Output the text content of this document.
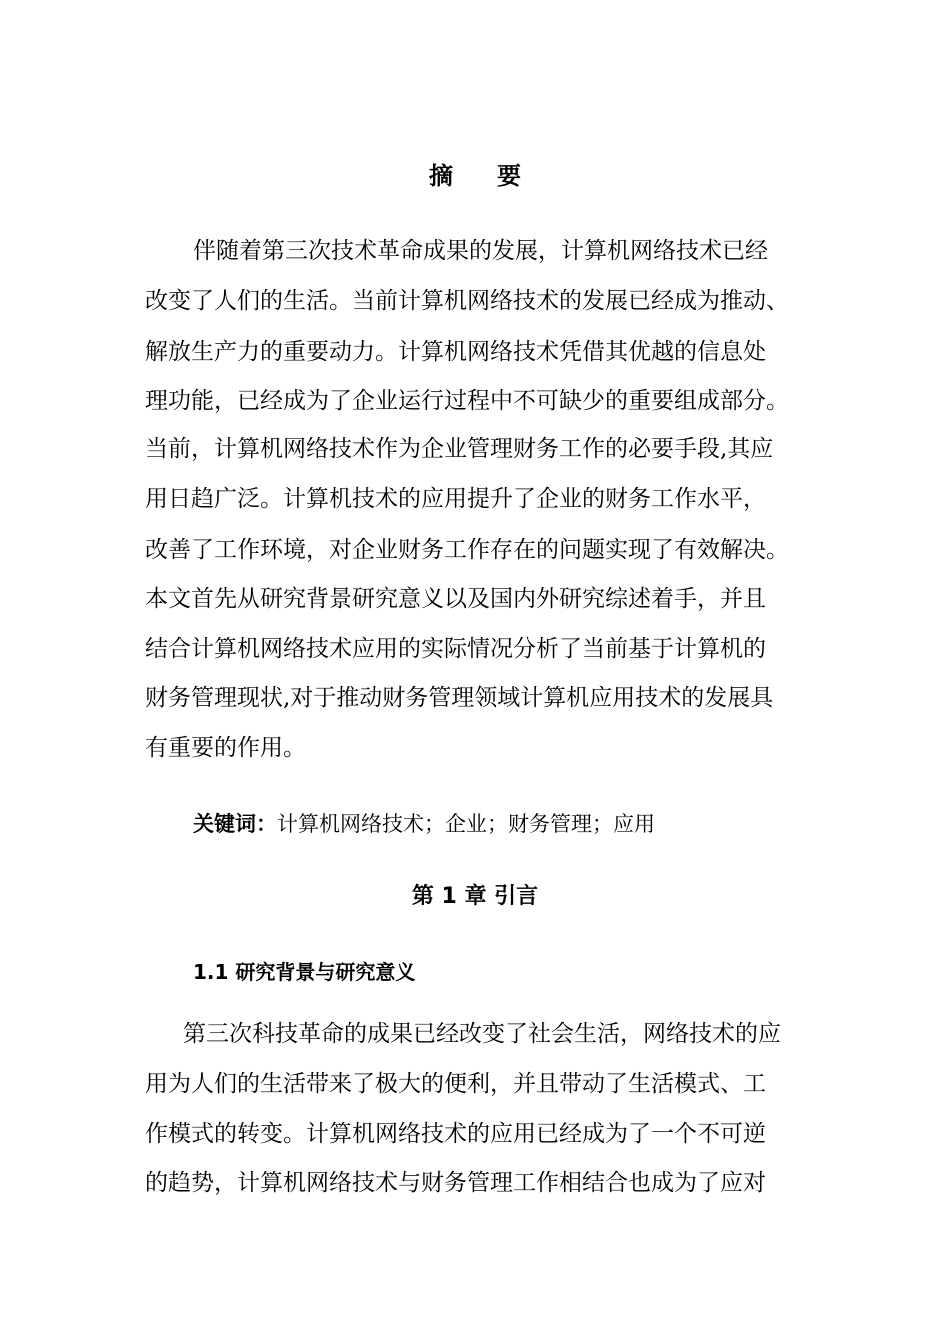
摘要
伴随着第三次技术革命成果的发展，计算机网络技术已经
改变了人们的生活。当前计算机网络技术的发展已经成为推动、
解放生产力的重要动力。计算机网络技术凭借其优越的信息处
理功能，已经成为了企业运行过程中不可缺少的重要组成部分。
当前，计算机网络技术作为企业管理财务工作的必要手段,其应
用日趋广泛。计算机技术的应用提升了企业的财务工作水平，
改善了工作环境，对企业财务工作存在的问题实现了有效解决。
本文首先从研究背景研究意义以及国内外研究综述着手，并且
结合计算机网络技术应用的实际情况分析了当前基于计算机的
财务管理现状,对于推动财务管理领域计算机应用技术的发展具
有重要的作用。
关键词：计算机网络技术；企业；财务管理；应用
第 1 章 引言
1.1 研究背景与研究意义
第三次科技革命的成果已经改变了社会生活，网络技术的应
用为人们的生活带来了极大的便利，并且带动了生活模式、工
作模式的转变。计算机网络技术的应用已经成为了一个不可逆
的趋势，计算机网络技术与财务管理工作相结合也成为了应对
